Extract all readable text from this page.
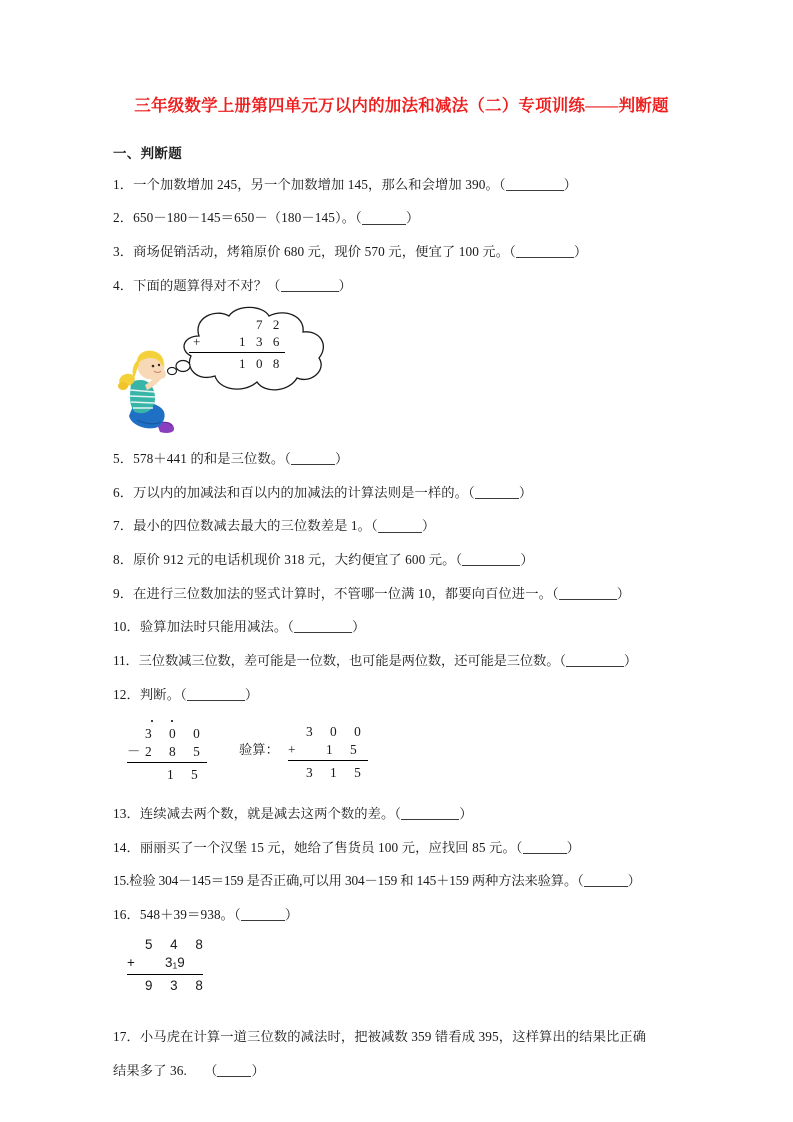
三年级数学上册第四单元万以内的加法和减法（二）专项训练——判断题
一、判断题

1．一个加数增加 245，另一个加数增加 145，那么和会增加 390。（	）

2．650－180－145＝650－（180－145）。（	）

3．商场促销活动，烤箱原价 680 元，现价 570 元，便宜了 100 元。（	）

4．下面的题算得对不对？（	）

7 2
+	1 3 6
1 0 8

5．578＋441 的和是三位数。（	）

6．万以内的加减法和百以内的加减法的计算法则是一样的。（	）

7．最小的四位数减去最大的三位数差是 1。（	）

8．原价 912 元的电话机现价 318 元，大约便宜了 600 元。（	）

9．在进行三位数加法的竖式计算时，不管哪一位满 10，都要向百位进一。（	）

10．验算加法时只能用减法。（	）

11．三位数减三位数，差可能是一位数，也可能是两位数，还可能是三位数。（	）

12．判断。（	）

3 0 0
－ 2 8 5
1 5
验算：
3 0 0
+	1 5
3 1 5

13．连续减去两个数，就是减去这两个数的差。（	）

14．丽丽买了一个汉堡 15 元，她给了售货员 100 元，应找回 85 元。（	）

15.检验 304－145＝159 是否正确,可以用 304－159 和 145＋159 两种方法来验算。（	）

16．548＋39＝938。（	）

5 4 8
+	319
9 3 8

17．小马虎在计算一道三位数的减法时，把被减数 359 错看成 395，这样算出的结果比正确

结果多了 36. （	）
